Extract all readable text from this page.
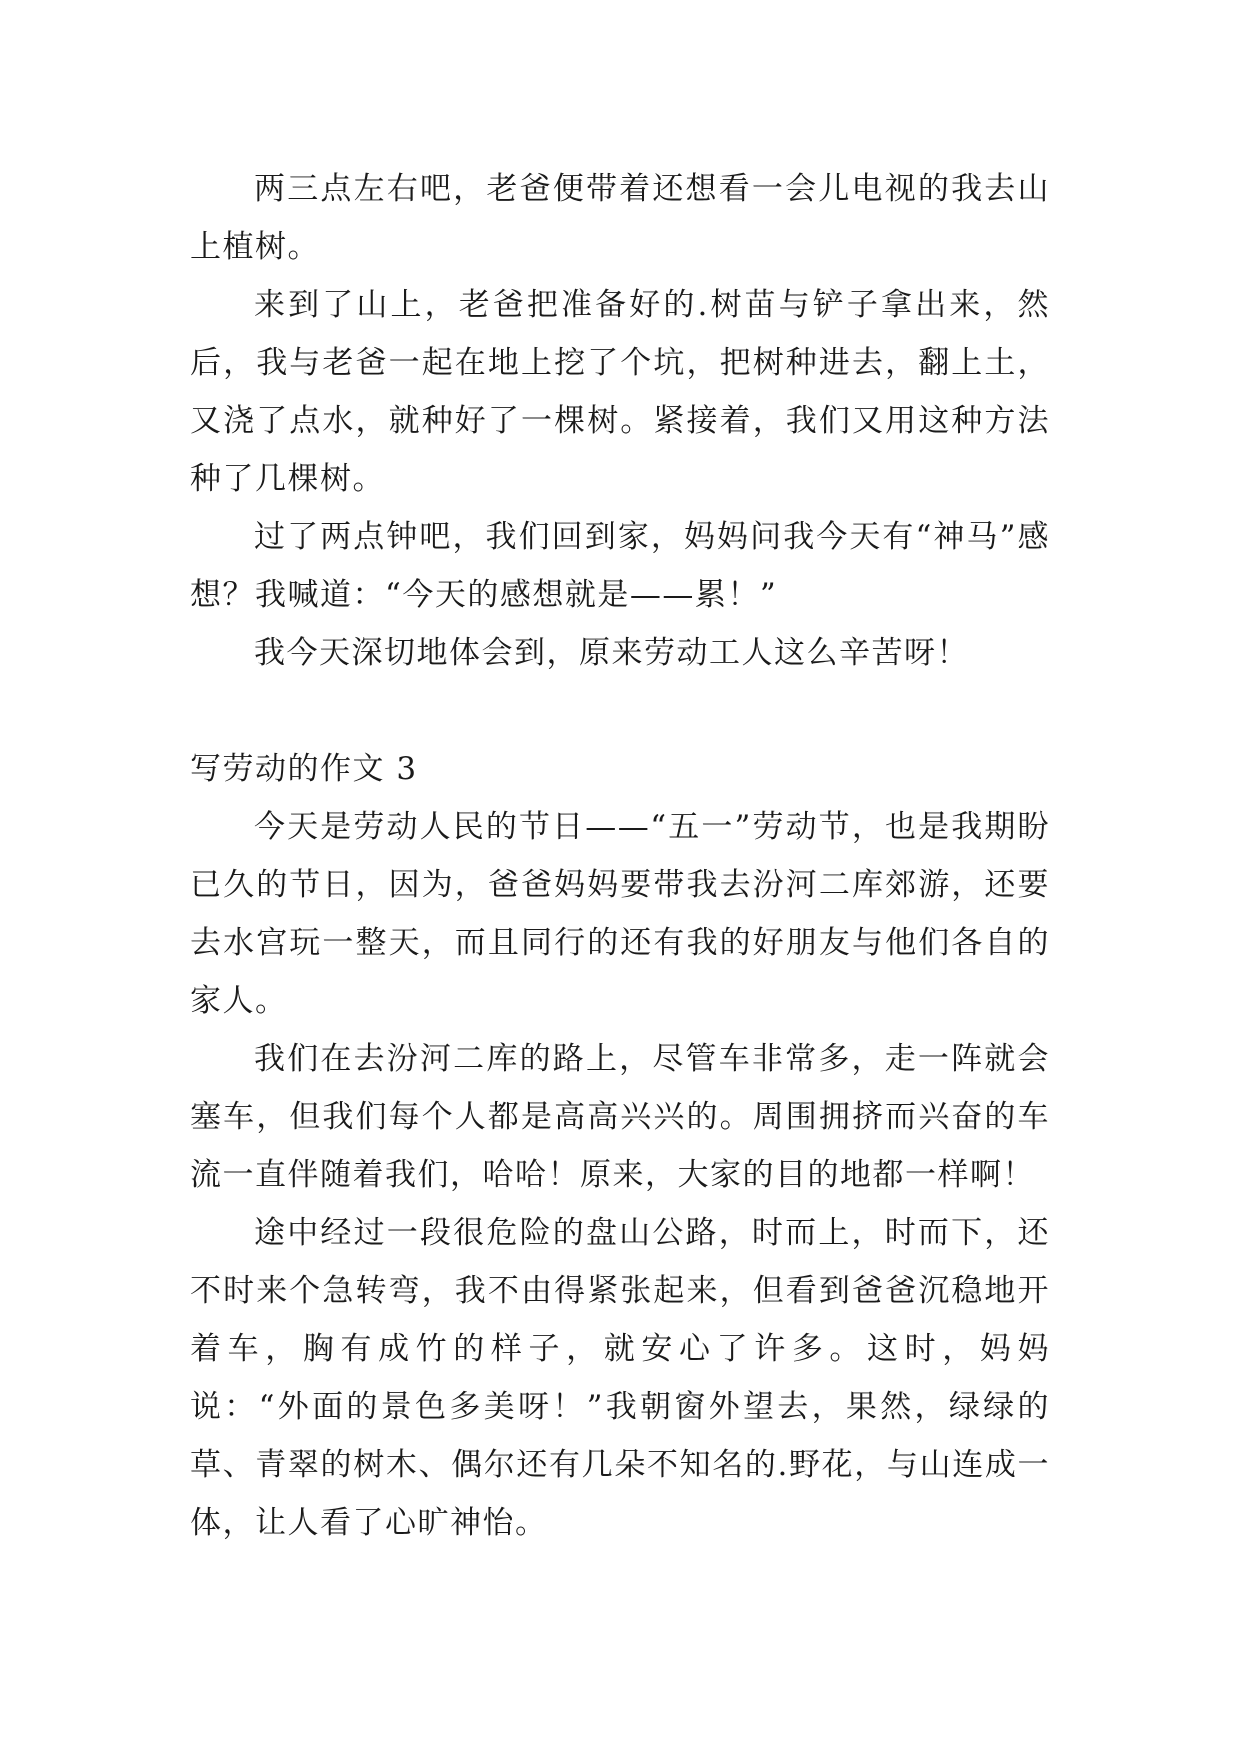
两三点左右吧，老爸便带着还想看一会儿电视的我去山上植树。

来到了山上，老爸把准备好的.树苗与铲子拿出来，然后，我与老爸一起在地上挖了个坑，把树种进去，翻上土，又浇了点水，就种好了一棵树。紧接着，我们又用这种方法种了几棵树。

过了两点钟吧，我们回到家，妈妈问我今天有“神马”感想？我喊道：“今天的感想就是——累！”

我今天深切地体会到，原来劳动工人这么辛苦呀！

写劳动的作文 3

今天是劳动人民的节日——“五一”劳动节，也是我期盼已久的节日，因为，爸爸妈妈要带我去汾河二库郊游，还要去水宫玩一整天，而且同行的还有我的好朋友与他们各自的家人。

我们在去汾河二库的路上，尽管车非常多，走一阵就会塞车，但我们每个人都是高高兴兴的。周围拥挤而兴奋的车流一直伴随着我们，哈哈！原来，大家的目的地都一样啊！

途中经过一段很危险的盘山公路，时而上，时而下，还不时来个急转弯，我不由得紧张起来，但看到爸爸沉稳地开着车，胸有成竹的样子，就安心了许多。这时，妈妈说：“外面的景色多美呀！”我朝窗外望去，果然，绿绿的草、青翠的树木、偶尔还有几朵不知名的.野花，与山连成一体，让人看了心旷神怡。
